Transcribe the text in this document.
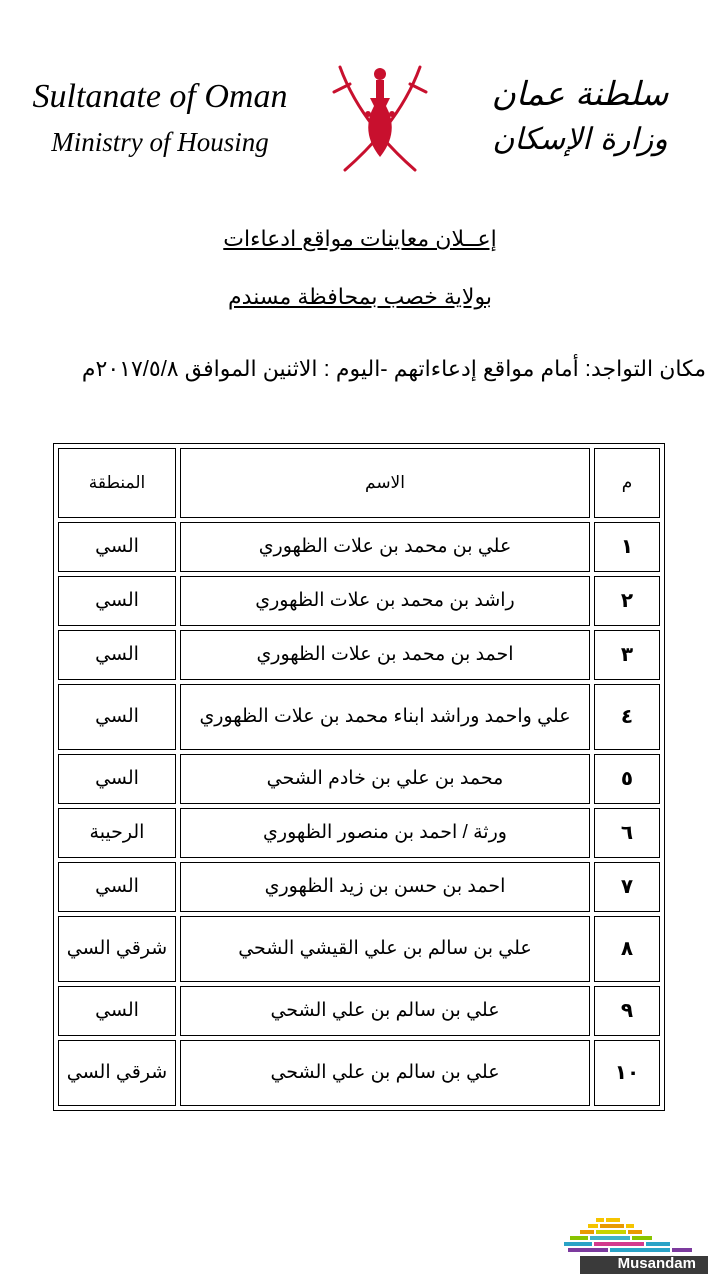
Sultanate of Oman
Ministry of Housing
سلطنة عمان
وزارة الإسكان
إعــلان معاينات مواقع ادعاءات
بولاية خصب بمحافظة مسندم
مكان التواجد: أمام مواقع إدعاءاتهم -اليوم : الاثنين الموافق ٢٠١٧/٥/٨م
م	الاسم	المنطقة
١	علي بن محمد بن علات الظهوري	السي
٢	راشد بن محمد بن علات الظهوري	السي
٣	احمد بن محمد بن علات الظهوري	السي
٤	علي واحمد وراشد ابناء محمد بن علات الظهوري	السي
٥	محمد بن علي بن خادم الشحي	السي
٦	ورثة / احمد بن منصور الظهوري	الرحيبة
٧	احمد بن حسن بن زيد الظهوري	السي
٨	علي بن سالم بن علي القيشي الشحي	شرقي السي
٩	علي بن سالم بن علي الشحي	السي
١٠	علي بن سالم بن علي الشحي	شرقي السي
Musandam
